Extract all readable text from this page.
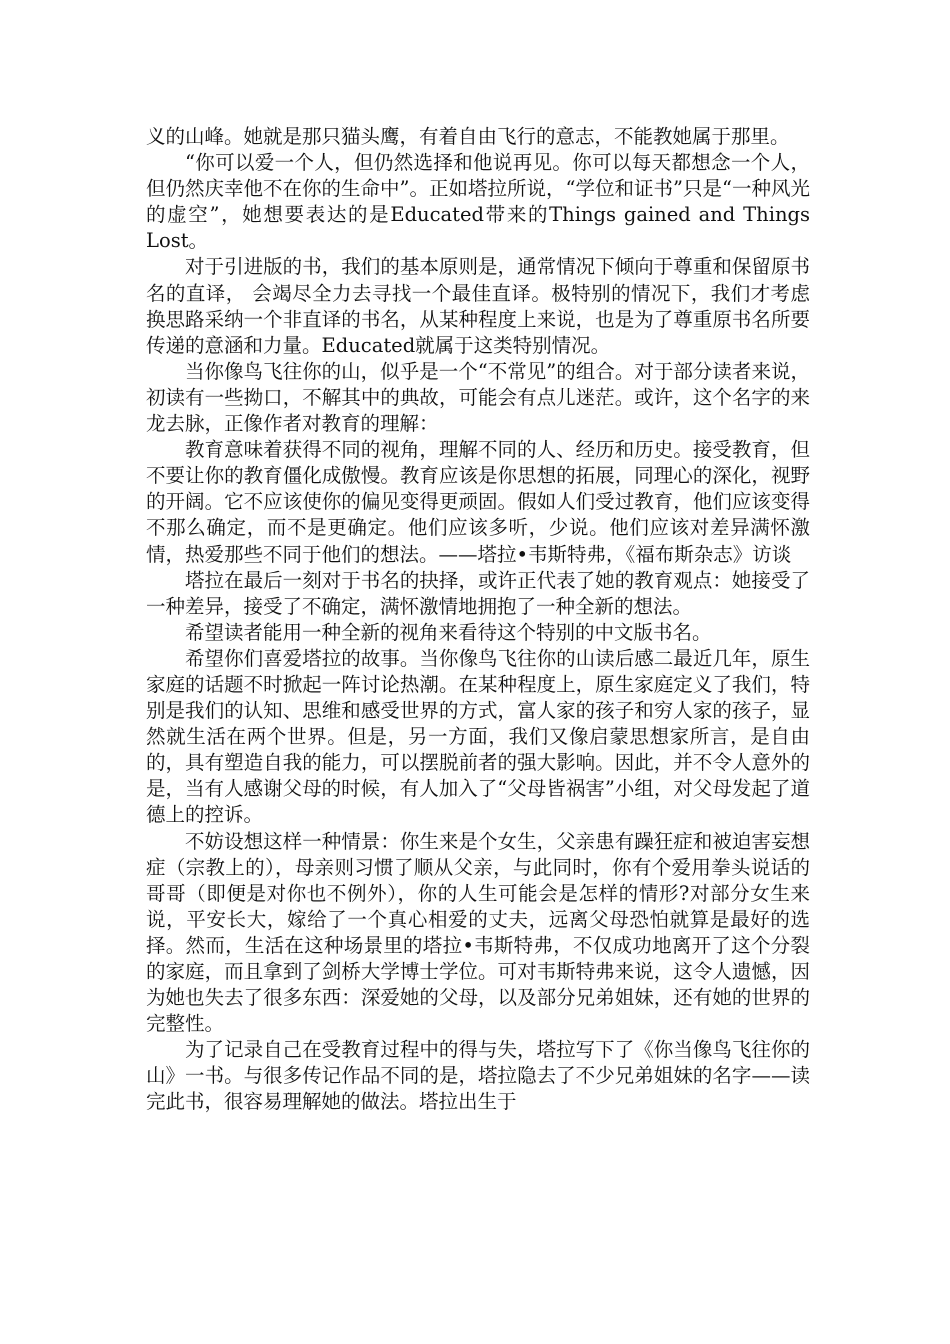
义的山峰。她就是那只猫头鹰，有着自由飞行的意志，不能教她属于那里。

“你可以爱一个人，但仍然选择和他说再见。你可以每天都想念一个人，但仍然庆幸他不在你的生命中”。正如塔拉所说，“学位和证书”只是“一种风光的虚空”，她想要表达的是Educated带来的Things gained and Things Lost。

对于引进版的书，我们的基本原则是，通常情况下倾向于尊重和保留原书名的直译， 会竭尽全力去寻找一个最佳直译。极特别的情况下，我们才考虑换思路采纳一个非直译的书名，从某种程度上来说，也是为了尊重原书名所要传递的意涵和力量。Educated就属于这类特别情况。

当你像鸟飞往你的山，似乎是一个“不常见”的组合。对于部分读者来说，初读有一些拗口，不解其中的典故，可能会有点儿迷茫。或许，这个名字的来龙去脉，正像作者对教育的理解：

教育意味着获得不同的视角，理解不同的人、经历和历史。接受教育，但不要让你的教育僵化成傲慢。教育应该是你思想的拓展，同理心的深化，视野的开阔。它不应该使你的偏见变得更顽固。假如人们受过教育，他们应该变得不那么确定，而不是更确定。他们应该多听，少说。他们应该对差异满怀激情，热爱那些不同于他们的想法。——塔拉•韦斯特弗，《福布斯杂志》访谈

塔拉在最后一刻对于书名的抉择，或许正代表了她的教育观点：她接受了一种差异，接受了不确定，满怀激情地拥抱了一种全新的想法。

希望读者能用一种全新的视角来看待这个特别的中文版书名。

希望你们喜爱塔拉的故事。当你像鸟飞往你的山读后感二最近几年，原生家庭的话题不时掀起一阵讨论热潮。在某种程度上，原生家庭定义了我们，特别是我们的认知、思维和感受世界的方式，富人家的孩子和穷人家的孩子，显然就生活在两个世界。但是，另一方面，我们又像启蒙思想家所言，是自由的，具有塑造自我的能力，可以摆脱前者的强大影响。因此，并不令人意外的是，当有人感谢父母的时候，有人加入了“父母皆祸害”小组，对父母发起了道德上的控诉。

不妨设想这样一种情景：你生来是个女生，父亲患有躁狂症和被迫害妄想症（宗教上的），母亲则习惯了顺从父亲，与此同时，你有个爱用拳头说话的哥哥（即便是对你也不例外），你的人生可能会是怎样的情形?对部分女生来说，平安长大，嫁给了一个真心相爱的丈夫，远离父母恐怕就算是最好的选择。然而，生活在这种场景里的塔拉•韦斯特弗，不仅成功地离开了这个分裂的家庭，而且拿到了剑桥大学博士学位。可对韦斯特弗来说，这令人遗憾，因为她也失去了很多东西：深爱她的父母，以及部分兄弟姐妹，还有她的世界的完整性。

为了记录自己在受教育过程中的得与失，塔拉写下了《你当像鸟飞往你的山》一书。与很多传记作品不同的是，塔拉隐去了不少兄弟姐妹的名字——读完此书，很容易理解她的做法。塔拉出生于
